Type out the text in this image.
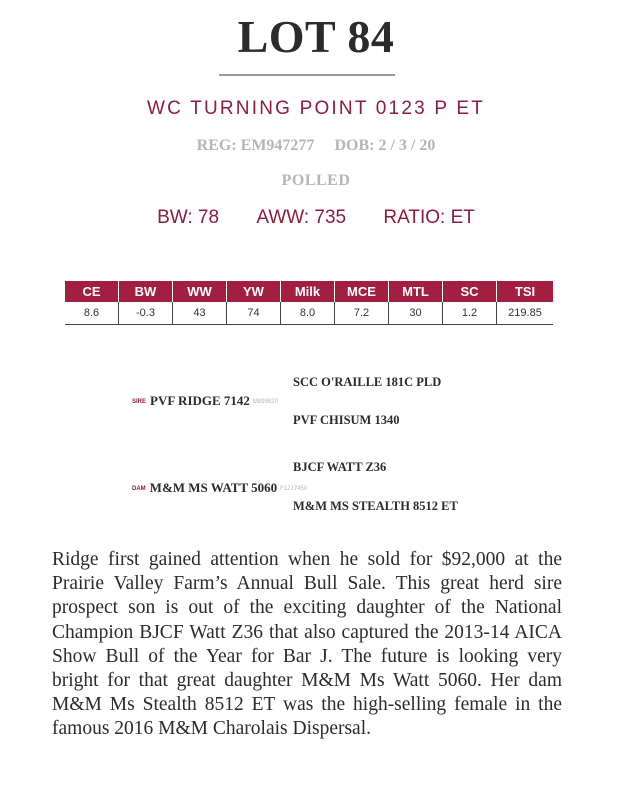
LOT 84
WC TURNING POINT 0123 P ET
REG: EM947277 DOB: 2 / 3 / 20
POLLED
BW: 78 AWW: 735 RATIO: ET
CE	BW	WW	YW	Milk	MCE	MTL	SC	TSI
8.6	-0.3	43	74	8.0	7.2	30	1.2	219.85
SCC O'RAILLE 181C PLD
SIRE PVF RIDGE 7142 M899820
PVF CHISUM 1340
BJCF WATT Z36
DAM M&M MS WATT 5060 F1217450
M&M MS STEALTH 8512 ET
Ridge first gained attention when he sold for $92,000 at the Prairie Valley Farm’s Annual Bull Sale. This great herd sire prospect son is out of the exciting daughter of the National Champion BJCF Watt Z36 that also captured the 2013-14 AICA Show Bull of the Year for Bar J. The future is looking very bright for that great daughter M&M Ms Watt 5060. Her dam M&M Ms Stealth 8512 ET was the high-selling female in the famous 2016 M&M Charolais Dispersal.
